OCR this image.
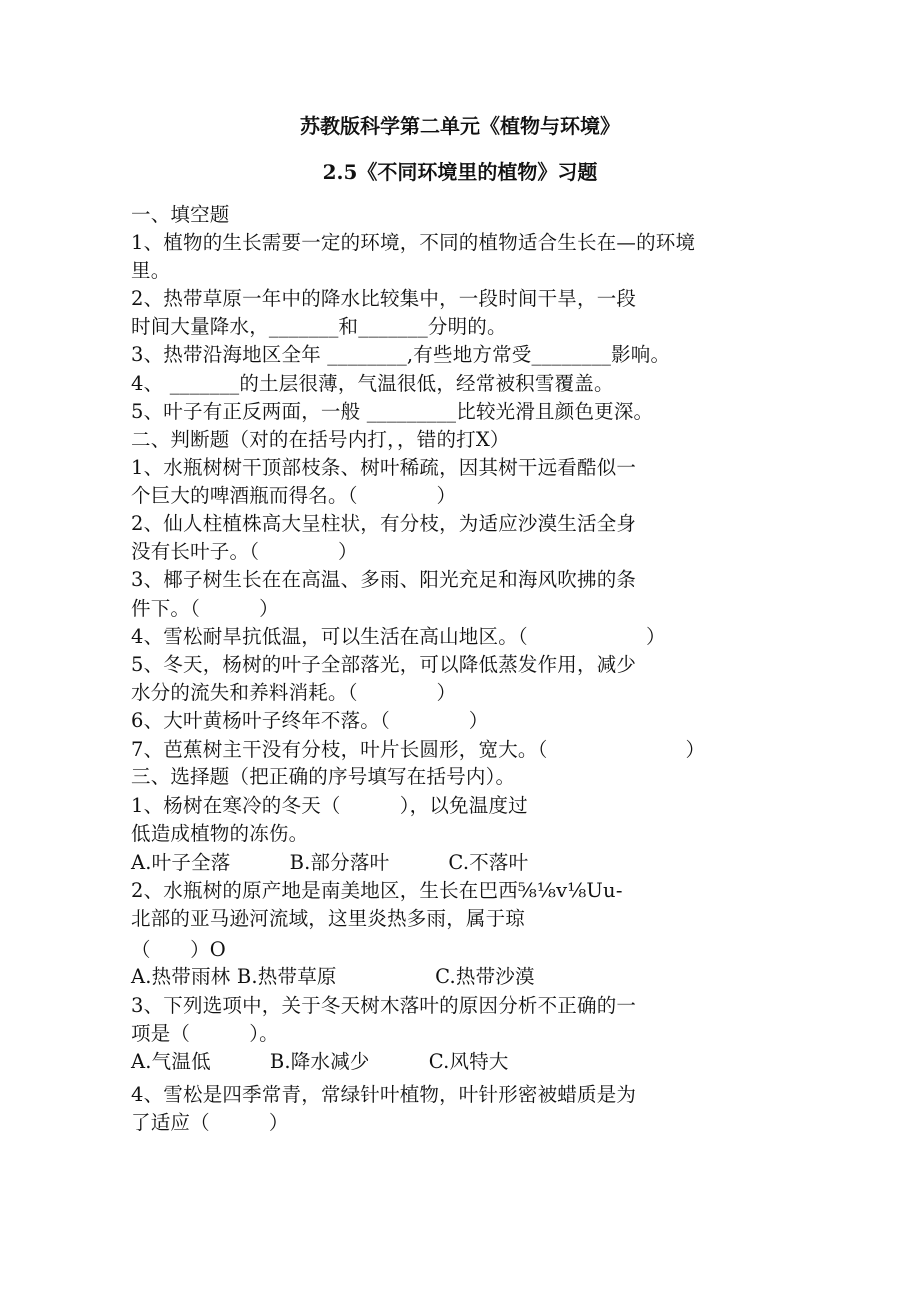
苏教版科学第二单元《植物与环境》
2.5《不同环境里的植物》习题
一、填空题
1、植物的生长需要一定的环境，不同的植物适合生长在—的环境
里。
2、热带草原一年中的降水比较集中，一段时间干旱，一段
时间大量降水，_______和_______分明的。
3、热带沿海地区全年 ________,有些地方常受________影响。
4、 _______的土层很薄，气温很低，经常被积雪覆盖。
5、叶子有正反两面，一般 _________比较光滑且颜色更深。
二、判断题（对的在括号内打，，错的打X）
1、水瓶树树干顶部枝条、树叶稀疏，因其树干远看酷似一
个巨大的啤酒瓶而得名。（　　　　）
2、仙人柱植株高大呈柱状，有分枝，为适应沙漠生活全身
没有长叶子。（　　　　）
3、椰子树生长在在高温、多雨、阳光充足和海风吹拂的条
件下。（　　　）
4、雪松耐旱抗低温，可以生活在高山地区。（　　　　　　）
5、冬天，杨树的叶子全部落光，可以降低蒸发作用，减少
水分的流失和养料消耗。（　　　　）
6、大叶黄杨叶子终年不落。（　　　　）
7、芭蕉树主干没有分枝，叶片长圆形，宽大。（　　　　　　　）
三、选择题（把正确的序号填写在括号内）。
1、杨树在寒冷的冬天（　　　），以免温度过
低造成植物的冻伤。
A.叶子全落　　　B.部分落叶　　　C.不落叶
2、水瓶树的原产地是南美地区，生长在巴西⅝⅛v⅛Uu-
北部的亚马逊河流域，这里炎热多雨，属于琼
（　　）O
A.热带雨林 B.热带草原　　　　　C.热带沙漠
3、下列选项中，关于冬天树木落叶的原因分析不正确的一
项是（　　　）。
A.气温低　　　B.降水减少　　　C.风特大
4、雪松是四季常青，常绿针叶植物，叶针形密被蜡质是为
了适应（　　　）
